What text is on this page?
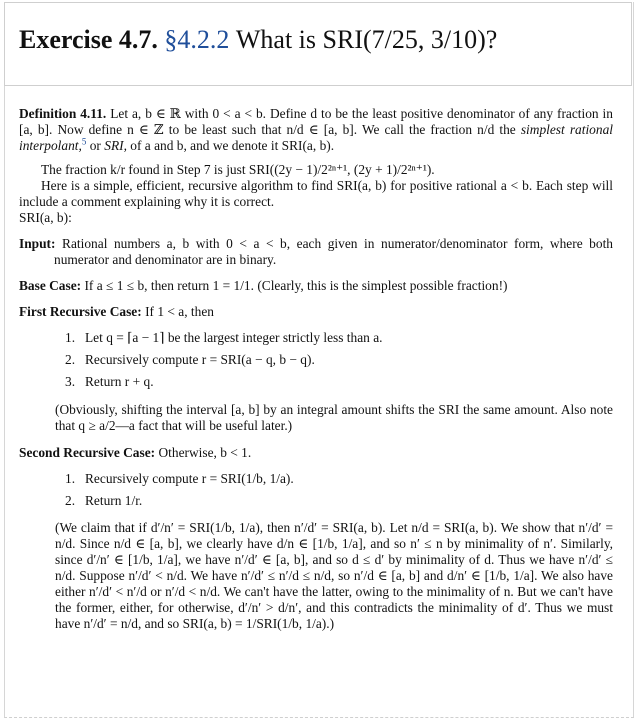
Exercise 4.7. §4.2.2 What is SRI(7/25, 3/10)?

Definition 4.11. Let a, b ∈ ℝ with 0 < a < b. Define d to be the least positive denominator of any fraction in [a, b]. Now define n ∈ ℤ to be least such that n/d ∈ [a, b]. We call the fraction n/d the simplest rational interpolant,$^5$ or SRI, of a and b, and we denote it SRI(a, b).

The fraction k/r found in Step 7 is just SRI((2y − 1)/2²ⁿ⁺¹, (2y + 1)/2²ⁿ⁺¹).

Here is a simple, efficient, recursive algorithm to find SRI(a, b) for positive rational a < b. Each step will include a comment explaining why it is correct.

SRI(a, b):

Input: Rational numbers a, b with 0 < a < b, each given in numerator/denominator form, where both numerator and denominator are in binary.

Base Case: If a ≤ 1 ≤ b, then return 1 = 1/1. (Clearly, this is the simplest possible fraction!)

First Recursive Case: If 1 < a, then

1. Let q = ⌈a − 1⌉ be the largest integer strictly less than a.
2. Recursively compute r = SRI(a − q, b − q).
3. Return r + q.

(Obviously, shifting the interval [a, b] by an integral amount shifts the SRI the same amount. Also note that q ≥ a/2—a fact that will be useful later.)

Second Recursive Case: Otherwise, b < 1.

1. Recursively compute r = SRI(1/b, 1/a).
2. Return 1/r.

(We claim that if d′/n′ = SRI(1/b, 1/a), then n′/d′ = SRI(a, b). Let n/d = SRI(a, b). We show that n′/d′ = n/d. Since n/d ∈ [a, b], we clearly have d/n ∈ [1/b, 1/a], and so n′ ≤ n by minimality of n′. Similarly, since d′/n′ ∈ [1/b, 1/a], we have n′/d′ ∈ [a, b], and so d ≤ d′ by minimality of d. Thus we have n′/d′ ≤ n/d. Suppose n′/d′ < n/d. We have n′/d′ ≤ n′/d ≤ n/d, so n′/d ∈ [a, b] and d/n′ ∈ [1/b, 1/a]. We also have either n′/d′ < n′/d or n′/d < n/d. We can't have the latter, owing to the minimality of n. But we can't have the former, either, for otherwise, d′/n′ > d/n′, and this contradicts the minimality of d′. Thus we must have n′/d′ = n/d, and so SRI(a, b) = 1/SRI(1/b, 1/a).)
